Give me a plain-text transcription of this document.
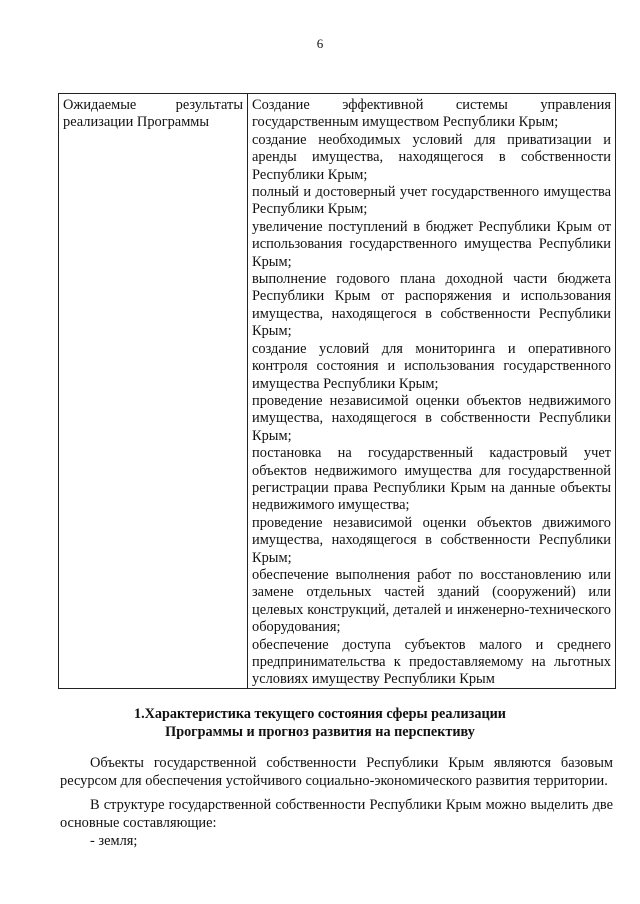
6
Ожидаемые результаты реализации Программы
Создание эффективной системы управления государственным имуществом Республики Крым;
создание необходимых условий для приватизации и аренды имущества, находящегося в собственности Республики Крым;
полный и достоверный учет государственного имущества Республики Крым;
увеличение поступлений в бюджет Республики Крым от использования государственного имущества Республики Крым;
выполнение годового плана доходной части бюджета Республики Крым от распоряжения и использования имущества, находящегося в собственности Республики Крым;
создание условий для мониторинга и оперативного контроля состояния и использования государственного имущества Республики Крым;
проведение независимой оценки объектов недвижимого имущества, находящегося в собственности Республики Крым;
постановка на государственный кадастровый учет объектов недвижимого имущества для государственной регистрации права Республики Крым на данные объекты недвижимого имущества;
проведение независимой оценки объектов движимого имущества, находящегося в собственности Республики Крым;
обеспечение выполнения работ по восстановлению или замене отдельных частей зданий (сооружений) или целевых конструкций, деталей и инженерно-технического оборудования;
обеспечение доступа субъектов малого и среднего предпринимательства к предоставляемому на льготных условиях имуществу Республики Крым
1.Характеристика текущего состояния сферы реализации
Программы и прогноз развития на перспективу

Объекты государственной собственности Республики Крым являются базовым ресурсом для обеспечения устойчивого социально-экономического развития территории.

В структуре государственной собственности Республики Крым можно выделить две основные составляющие:

- земля;
